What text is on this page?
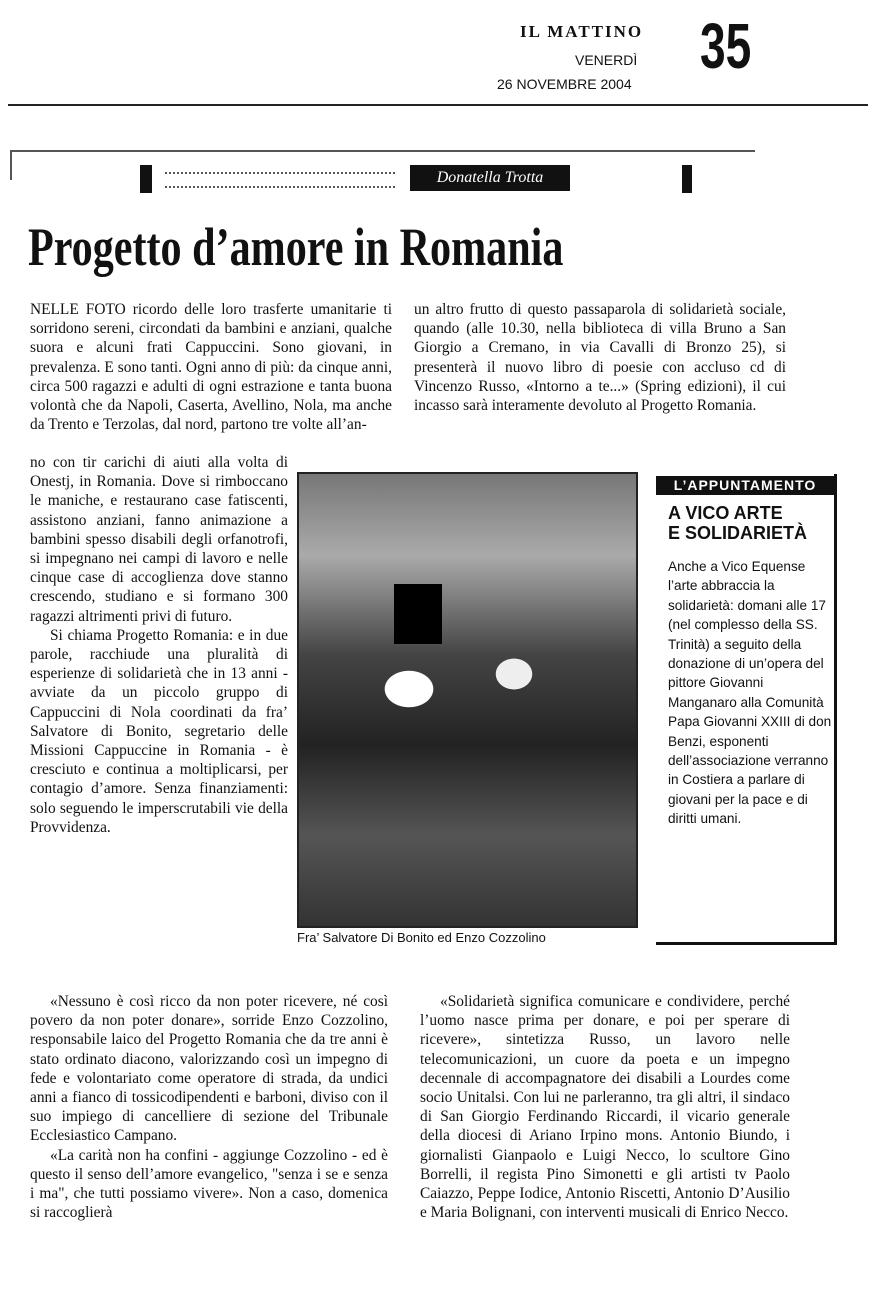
IL MATTINO
VENERDÌ
26 NOVEMBRE 2004
35
Donatella Trotta
Progetto d’amore in Romania

NELLE FOTO ricordo delle loro trasferte umanitarie ti sorridono sereni, circondati da bambini e anziani, qualche suora e alcuni frati Cappuccini. Sono giovani, in prevalenza. E sono tanti. Ogni anno di più: da cinque anni, circa 500 ragazzi e adulti di ogni estrazione e tanta buona volontà che da Napoli, Caserta, Avellino, Nola, ma anche da Trento e Terzolas, dal nord, partono tre volte all’an-

no con tir carichi di aiuti alla volta di Onestj, in Romania. Dove si rimboccano le maniche, e restaurano case fatiscenti, assistono anziani, fanno animazione a bambini spesso disabili degli orfanotrofi, si impegnano nei campi di lavoro e nelle cinque case di accoglienza dove stanno crescendo, studiano e si formano 300 ragazzi altrimenti privi di futuro.

Si chiama Progetto Romania: e in due parole, racchiude una pluralità di esperienze di solidarietà che in 13 anni - avviate da un piccolo gruppo di Cappuccini di Nola coordinati da fra’ Salvatore di Bonito, segretario delle Missioni Cappuccine in Romania - è cresciuto e continua a moltiplicarsi, per contagio d’amore. Senza finanziamenti: solo seguendo le imperscrutabili vie della Provvidenza.

«Nessuno è così ricco da non poter ricevere, né così povero da non poter donare», sorride Enzo Cozzolino, responsabile laico del Progetto Romania che da tre anni è stato ordinato diacono, valorizzando così un impegno di fede e volontariato come operatore di strada, da undici anni a fianco di tossicodipendenti e barboni, diviso con il suo impiego di cancelliere di sezione del Tribunale Ecclesiastico Campano.

«La carità non ha confini - aggiunge Cozzolino - ed è questo il senso dell’amore evangelico, "senza i se e senza i ma", che tutti possiamo vivere». Non a caso, domenica si raccoglierà

un altro frutto di questo passaparola di solidarietà sociale, quando (alle 10.30, nella biblioteca di villa Bruno a San Giorgio a Cremano, in via Cavalli di Bronzo 25), si presenterà il nuovo libro di poesie con accluso cd di Vincenzo Russo, «Intorno a te...» (Spring edizioni), il cui incasso sarà interamente devoluto al Progetto Romania.

Fra’ Salvatore Di Bonito ed Enzo Cozzolino
L’APPUNTAMENTO
A VICO ARTE
E SOLIDARIETÀ
Anche a Vico Equense l’arte abbraccia la solidarietà: domani alle 17 (nel complesso della SS. Trinità) a seguito della donazione di un’opera del pittore Giovanni Manganaro alla Comunità Papa Giovanni XXIII di don Benzi, esponenti dell’associazione verranno in Costiera a parlare di giovani per la pace e di diritti umani.

«Solidarietà significa comunicare e condividere, perché l’uomo nasce prima per donare, e poi per sperare di ricevere», sintetizza Russo, un lavoro nelle telecomunicazioni, un cuore da poeta e un impegno decennale di accompagnatore dei disabili a Lourdes come socio Unitalsi. Con lui ne parleranno, tra gli altri, il sindaco di San Giorgio Ferdinando Riccardi, il vicario generale della diocesi di Ariano Irpino mons. Antonio Biundo, i giornalisti Gianpaolo e Luigi Necco, lo scultore Gino Borrelli, il regista Pino Simonetti e gli artisti tv Paolo Caiazzo, Peppe Iodice, Antonio Riscetti, Antonio D’Ausilio e Maria Bolignani, con interventi musicali di Enrico Necco.
